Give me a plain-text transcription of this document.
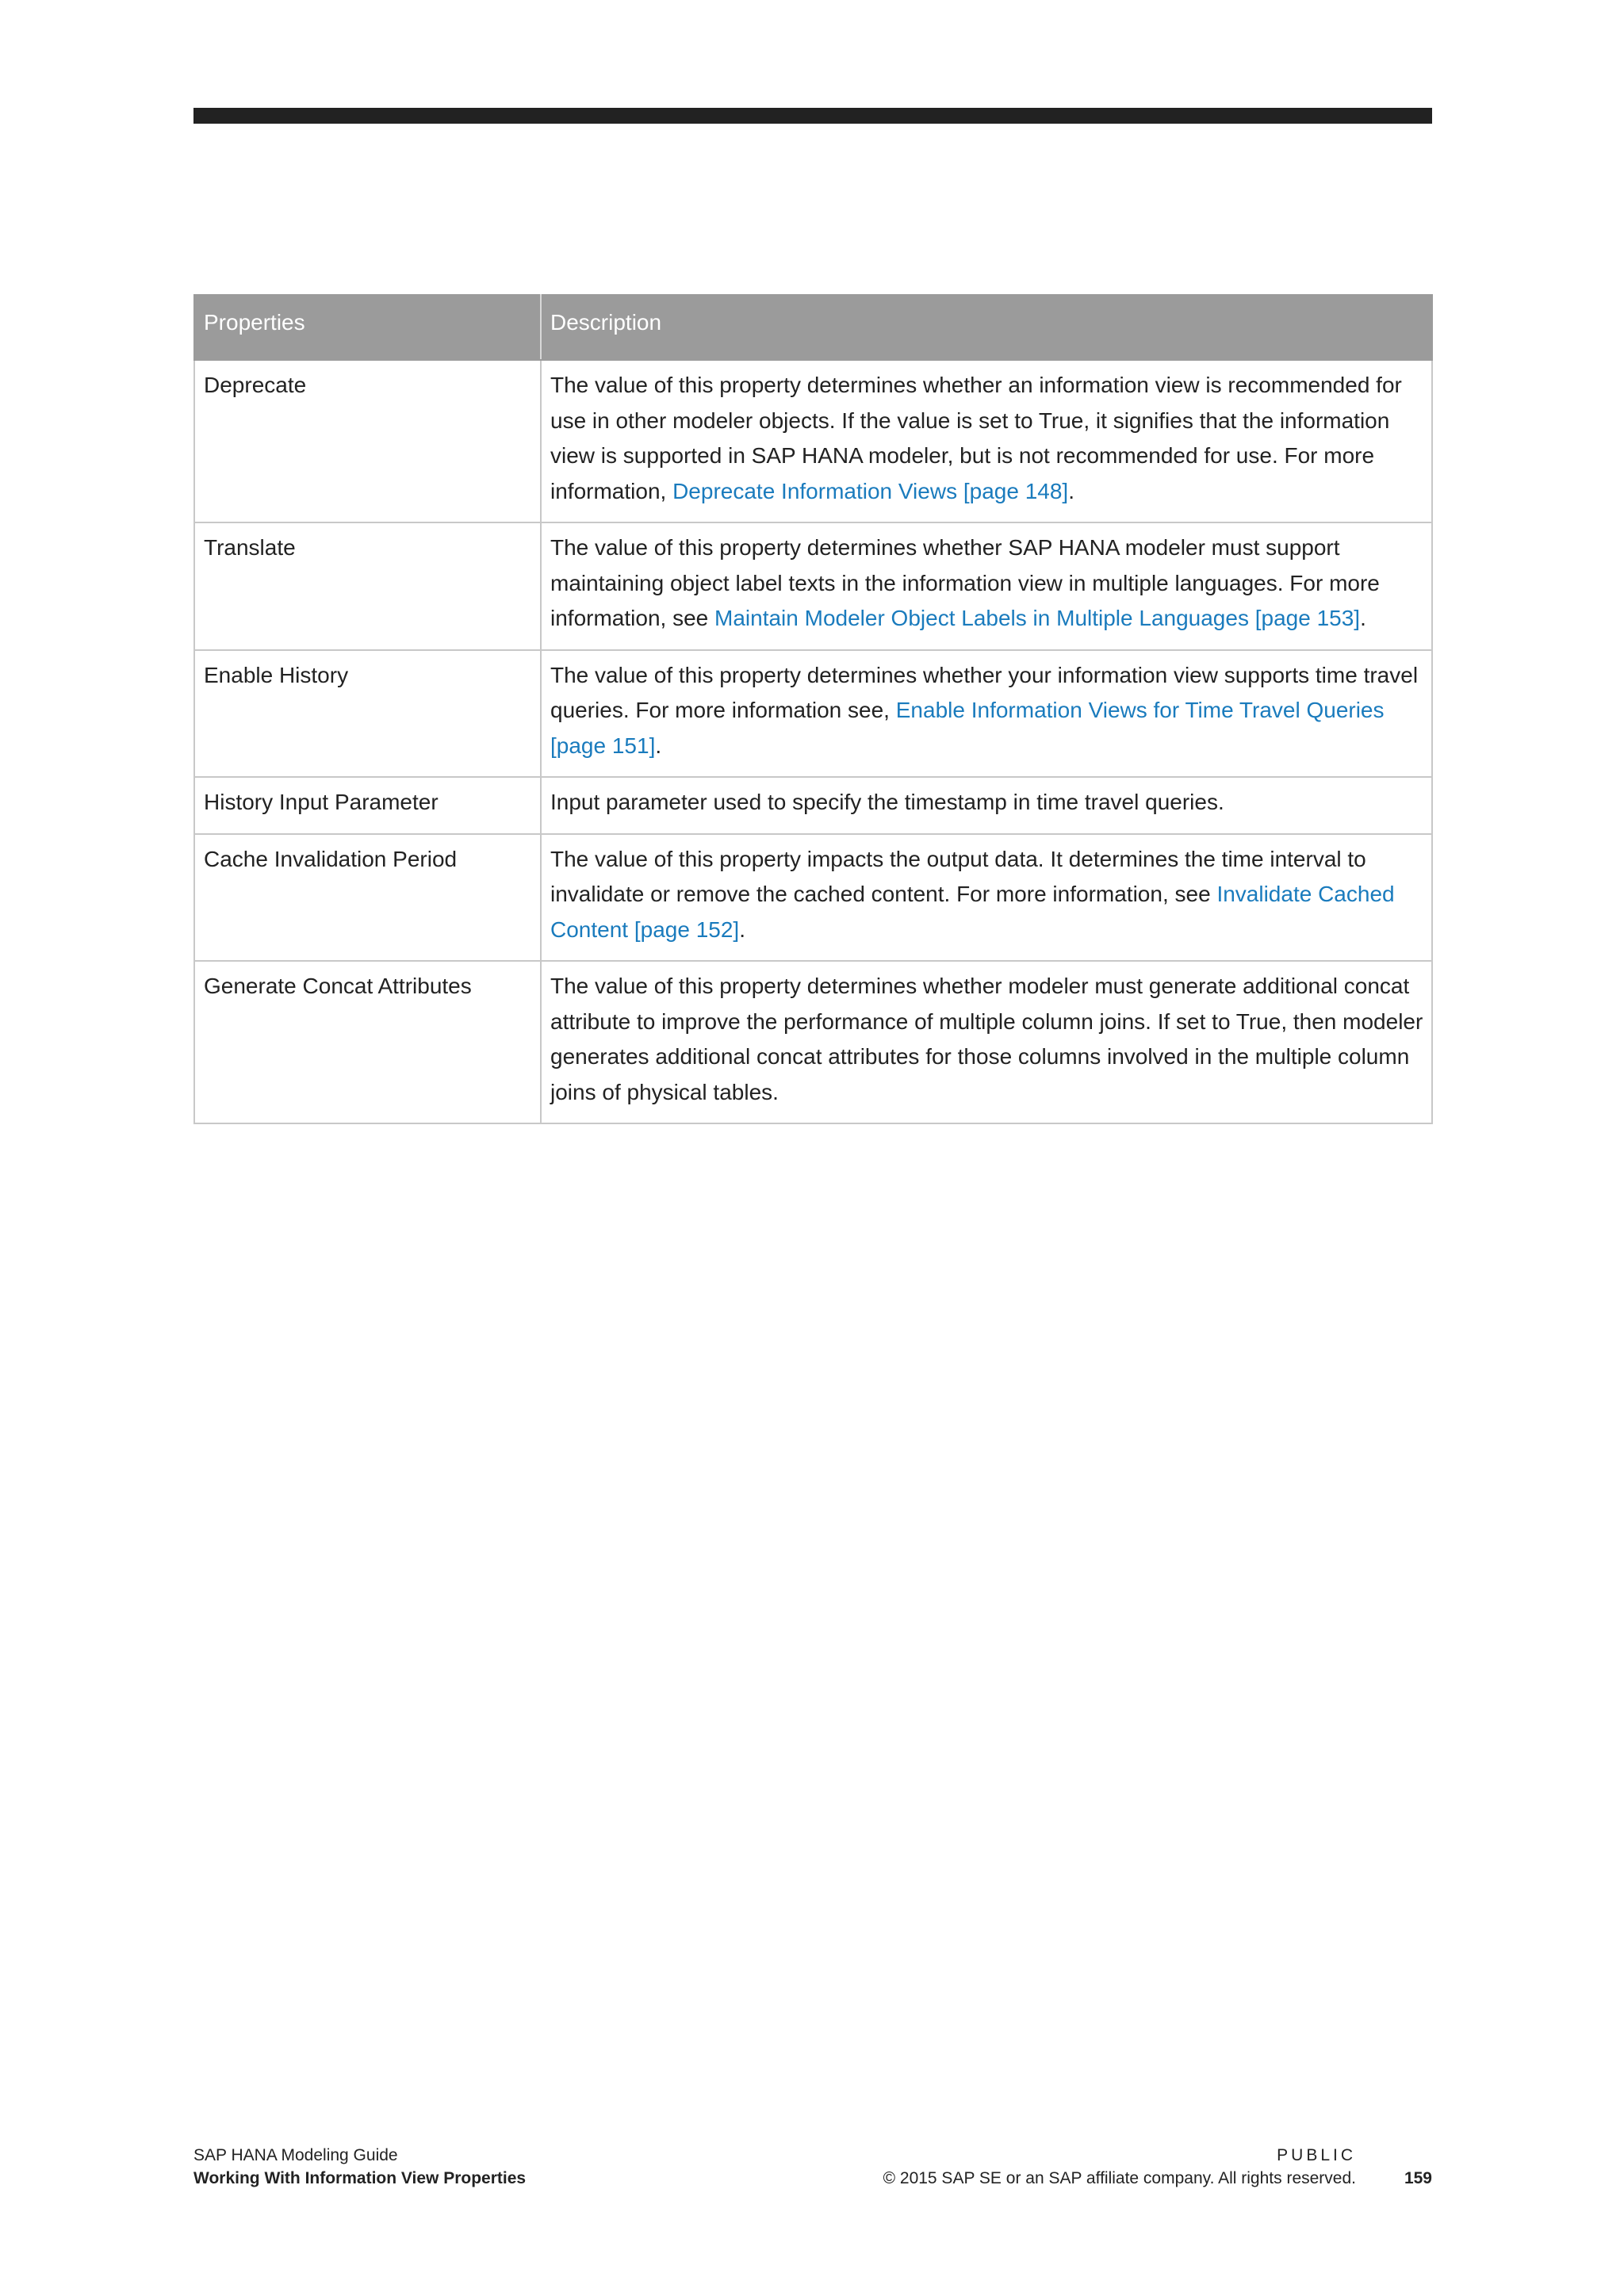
Properties	Description
Deprecate	The value of this property determines whether an information view is recommended for use in other modeler objects. If the value is set to True, it signifies that the information view is supported in SAP HANA modeler, but is not recommended for use. For more information, Deprecate Information Views [page 148].
Translate	The value of this property determines whether SAP HANA modeler must support maintaining object label texts in the information view in multiple languages. For more information, see Maintain Modeler Object Labels in Multiple Languages [page 153].
Enable History	The value of this property determines whether your information view supports time travel queries. For more information see, Enable Information Views for Time Travel Queries [page 151].
History Input Parameter	Input parameter used to specify the timestamp in time travel queries.
Cache Invalidation Period	The value of this property impacts the output data. It determines the time interval to invalidate or remove the cached content. For more information, see Invalidate Cached Content [page 152].
Generate Concat Attributes	The value of this property determines whether modeler must generate additional concat attribute to improve the performance of multiple column joins. If set to True, then modeler generates additional concat attributes for those columns involved in the multiple column joins of physical tables.
SAP HANA Modeling Guide
Working With Information View Properties
PUBLIC
© 2015 SAP SE or an SAP affiliate company. All rights reserved.	159
